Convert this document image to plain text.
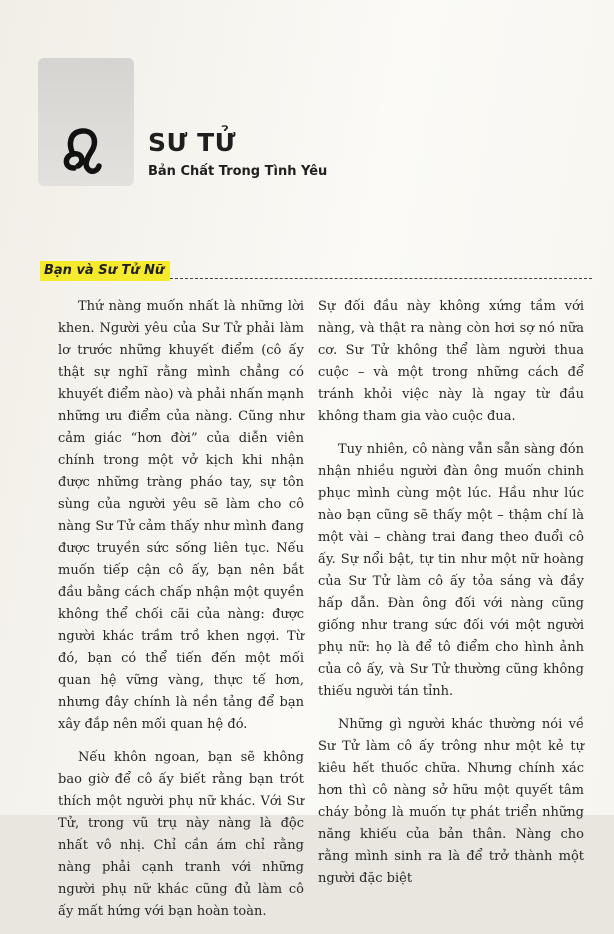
SƯ TỬ
Bản Chất Trong Tình Yêu
Bạn và Sư Tử Nữ

Thứ nàng muốn nhất là những lời khen. Người yêu của Sư Tử phải làm lơ trước những khuyết điểm (cô ấy thật sự nghĩ rằng mình chẳng có khuyết điểm nào) và phải nhấn mạnh những ưu điểm của nàng. Cũng như cảm giác “hơn đời” của diễn viên chính trong một vở kịch khi nhận được những tràng pháo tay, sự tôn sùng của người yêu sẽ làm cho cô nàng Sư Tử cảm thấy như mình đang được truyền sức sống liên tục. Nếu muốn tiếp cận cô ấy, bạn nên bắt đầu bằng cách chấp nhận một quyền không thể chối cãi của nàng: được người khác trầm trồ khen ngợi. Từ đó, bạn có thể tiến đến một mối quan hệ vững vàng, thực tế hơn, nhưng đây chính là nền tảng để bạn xây đắp nên mối quan hệ đó.

Nếu khôn ngoan, bạn sẽ không bao giờ để cô ấy biết rằng bạn trót thích một người phụ nữ khác. Với Sư Tử, trong vũ trụ này nàng là độc nhất vô nhị. Chỉ cần ám chỉ rằng nàng phải cạnh tranh với những người phụ nữ khác cũng đủ làm cô ấy mất hứng với bạn hoàn toàn.

Sự đối đầu này không xứng tầm với nàng, và thật ra nàng còn hơi sợ nó nữa cơ. Sư Tử không thể làm người thua cuộc – và một trong những cách để tránh khỏi việc này là ngay từ đầu không tham gia vào cuộc đua.

Tuy nhiên, cô nàng vẫn sẵn sàng đón nhận nhiều người đàn ông muốn chinh phục mình cùng một lúc. Hầu như lúc nào bạn cũng sẽ thấy một – thậm chí là một vài – chàng trai đang theo đuổi cô ấy. Sự nổi bật, tự tin như một nữ hoàng của Sư Tử làm cô ấy tỏa sáng và đầy hấp dẫn. Đàn ông đối với nàng cũng giống như trang sức đối với một người phụ nữ: họ là để tô điểm cho hình ảnh của cô ấy, và Sư Tử thường cũng không thiếu người tán tỉnh.

Những gì người khác thường nói về Sư Tử làm cô ấy trông như một kẻ tự kiêu hết thuốc chữa. Nhưng chính xác hơn thì cô nàng sở hữu một quyết tâm cháy bỏng là muốn tự phát triển những năng khiếu của bản thân. Nàng cho rằng mình sinh ra là để trở thành một người đặc biệt
